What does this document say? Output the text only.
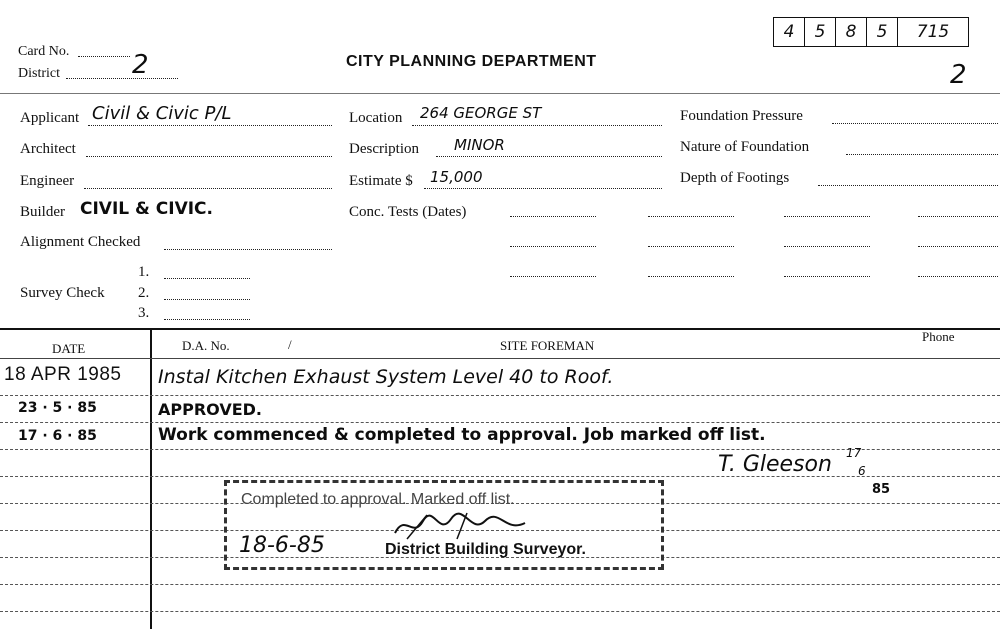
Card No.
District	2	CITY PLANNING DEPARTMENT
4	5	8	5	715
2
Applicant Civil & Civic P/L
Architect
Engineer
Builder CIVIL & CIVIC.
Alignment Checked
1.
Survey Check 2.
3.
Location 264 GEORGE ST
Description MINOR
Estimate $ 15,000
Conc. Tests (Dates)
Foundation Pressure
Nature of Foundation
Depth of Footings
DATE	D.A. No.	/	SITE FOREMAN
Phone
18 APR 1985 Instal Kitchen Exhaust System Level 40 to Roof.
23 · 5 · 85	APPROVED.
17 · 6 · 85	Work commenced & completed to approval. Job marked off list.
T. Gleeson 17
6
85
Completed to approval. Marked off list.
18-6-85	District Building Surveyor.
